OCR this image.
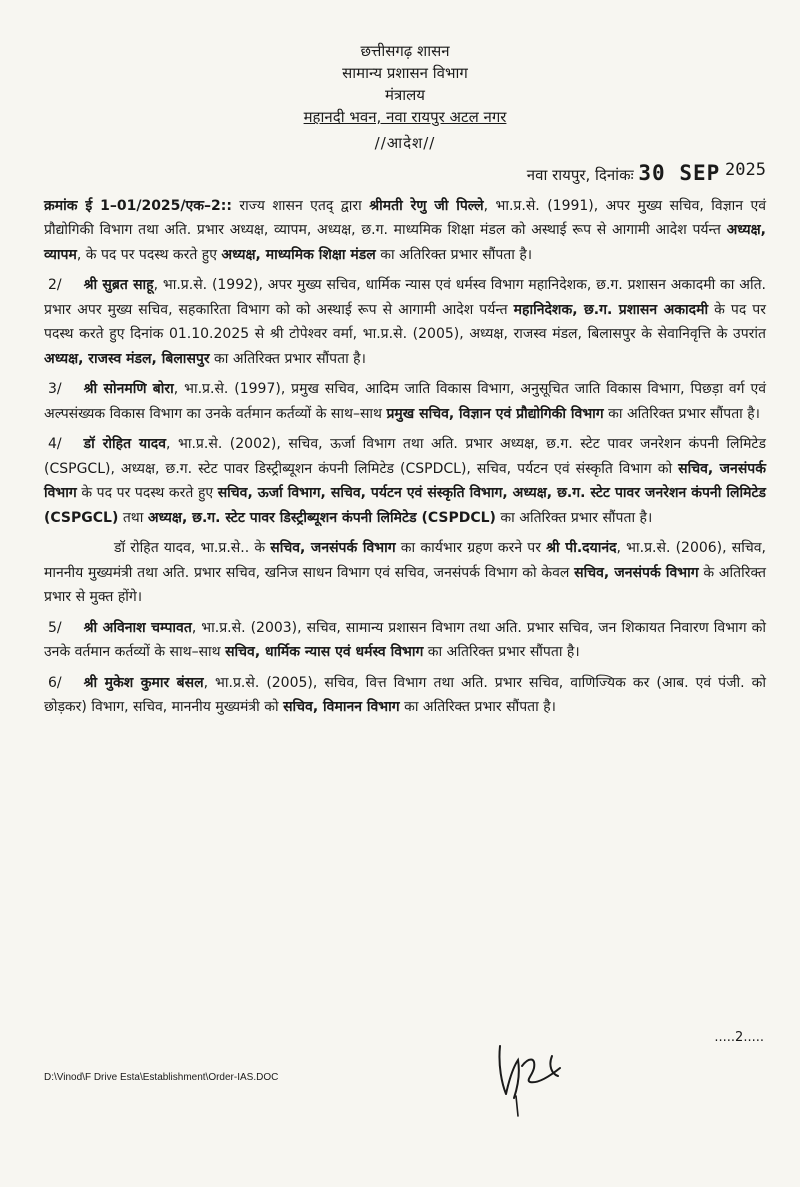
छत्तीसगढ़ शासन
सामान्य प्रशासन विभाग
मंत्रालय
महानदी भवन, नवा रायपुर अटल नगर
//आदेश//
नवा रायपुर, दिनांकः 30 SEP 2025

क्रमांक ई 1–01/2025/एक–2:: राज्य शासन एतद् द्वारा श्रीमती रेणु जी पिल्ले, भा.प्र.से. (1991), अपर मुख्य सचिव, विज्ञान एवं प्रौद्योगिकी विभाग तथा अति. प्रभार अध्यक्ष, व्यापम, अध्यक्ष, छ.ग. माध्यमिक शिक्षा मंडल को अस्थाई रूप से आगामी आदेश पर्यन्त अध्यक्ष, व्यापम, के पद पर पदस्थ करते हुए अध्यक्ष, माध्यमिक शिक्षा मंडल का अतिरिक्त प्रभार सौंपता है।

2/ श्री सुब्रत साहू, भा.प्र.से. (1992), अपर मुख्य सचिव, धार्मिक न्यास एवं धर्मस्व विभाग महानिदेशक, छ.ग. प्रशासन अकादमी का अति. प्रभार अपर मुख्य सचिव, सहकारिता विभाग को को अस्थाई रूप से आगामी आदेश पर्यन्त महानिदेशक, छ.ग. प्रशासन अकादमी के पद पर पदस्थ करते हुए दिनांक 01.10.2025 से श्री टोपेश्वर वर्मा, भा.प्र.से. (2005), अध्यक्ष, राजस्व मंडल, बिलासपुर के सेवानिवृत्ति के उपरांत अध्यक्ष, राजस्व मंडल, बिलासपुर का अतिरिक्त प्रभार सौंपता है।

3/ श्री सोनमणि बोरा, भा.प्र.से. (1997), प्रमुख सचिव, आदिम जाति विकास विभाग, अनुसूचित जाति विकास विभाग, पिछड़ा वर्ग एवं अल्पसंख्यक विकास विभाग का उनके वर्तमान कर्तव्यों के साथ–साथ प्रमुख सचिव, विज्ञान एवं प्रौद्योगिकी विभाग का अतिरिक्त प्रभार सौंपता है।

4/ डॉ रोहित यादव, भा.प्र.से. (2002), सचिव, ऊर्जा विभाग तथा अति. प्रभार अध्यक्ष, छ.ग. स्टेट पावर जनरेशन कंपनी लिमिटेड (CSPGCL), अध्यक्ष, छ.ग. स्टेट पावर डिस्ट्रीब्यूशन कंपनी लिमिटेड (CSPDCL), सचिव, पर्यटन एवं संस्कृति विभाग को सचिव, जनसंपर्क विभाग के पद पर पदस्थ करते हुए सचिव, ऊर्जा विभाग, सचिव, पर्यटन एवं संस्कृति विभाग, अध्यक्ष, छ.ग. स्टेट पावर जनरेशन कंपनी लिमिटेड (CSPGCL) तथा अध्यक्ष, छ.ग. स्टेट पावर डिस्ट्रीब्यूशन कंपनी लिमिटेड (CSPDCL) का अतिरिक्त प्रभार सौंपता है।

डॉ रोहित यादव, भा.प्र.से.. के सचिव, जनसंपर्क विभाग का कार्यभार ग्रहण करने पर श्री पी.दयानंद, भा.प्र.से. (2006), सचिव, माननीय मुख्यमंत्री तथा अति. प्रभार सचिव, खनिज साधन विभाग एवं सचिव, जनसंपर्क विभाग को केवल सचिव, जनसंपर्क विभाग के अतिरिक्त प्रभार से मुक्त होंगे।

5/ श्री अविनाश चम्पावत, भा.प्र.से. (2003), सचिव, सामान्य प्रशासन विभाग तथा अति. प्रभार सचिव, जन शिकायत निवारण विभाग को उनके वर्तमान कर्तव्यों के साथ–साथ सचिव, धार्मिक न्यास एवं धर्मस्व विभाग का अतिरिक्त प्रभार सौंपता है।

6/ श्री मुकेश कुमार बंसल, भा.प्र.से. (2005), सचिव, वित्त विभाग तथा अति. प्रभार सचिव, वाणिज्यिक कर (आब. एवं पंजी. को छोड़कर) विभाग, सचिव, माननीय मुख्यमंत्री को सचिव, विमानन विभाग का अतिरिक्त प्रभार सौंपता है।

.....2.....
D:\Vinod\F Drive Esta\Establishment\Order-IAS.DOC
